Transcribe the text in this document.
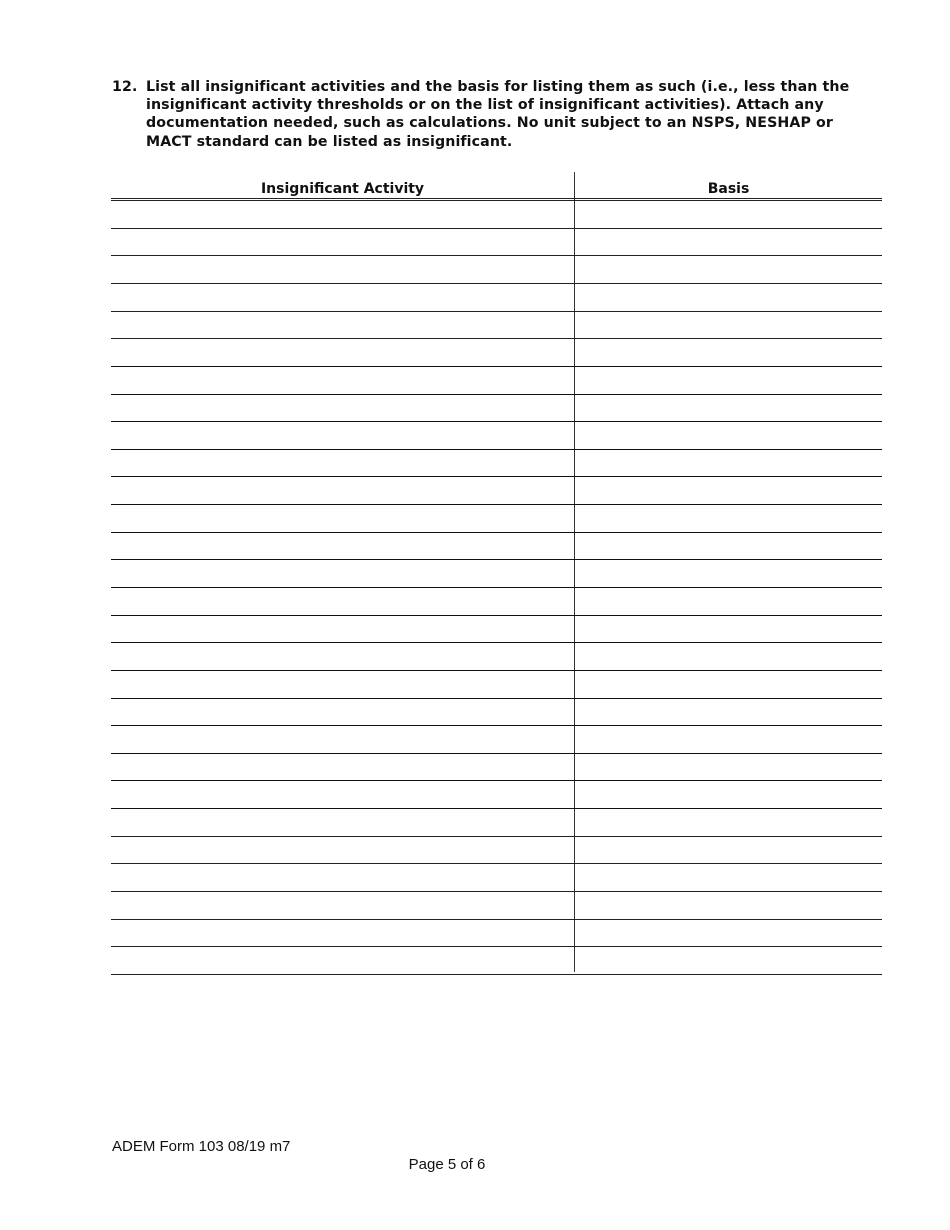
12. List all insignificant activities and the basis for listing them as such (i.e., less than the insignificant activity thresholds or on the list of insignificant activities). Attach any documentation needed, such as calculations. No unit subject to an NSPS, NESHAP or MACT standard can be listed as insignificant.
Insignificant Activity	Basis
ADEM Form 103 08/19 m7
Page 5 of 6
